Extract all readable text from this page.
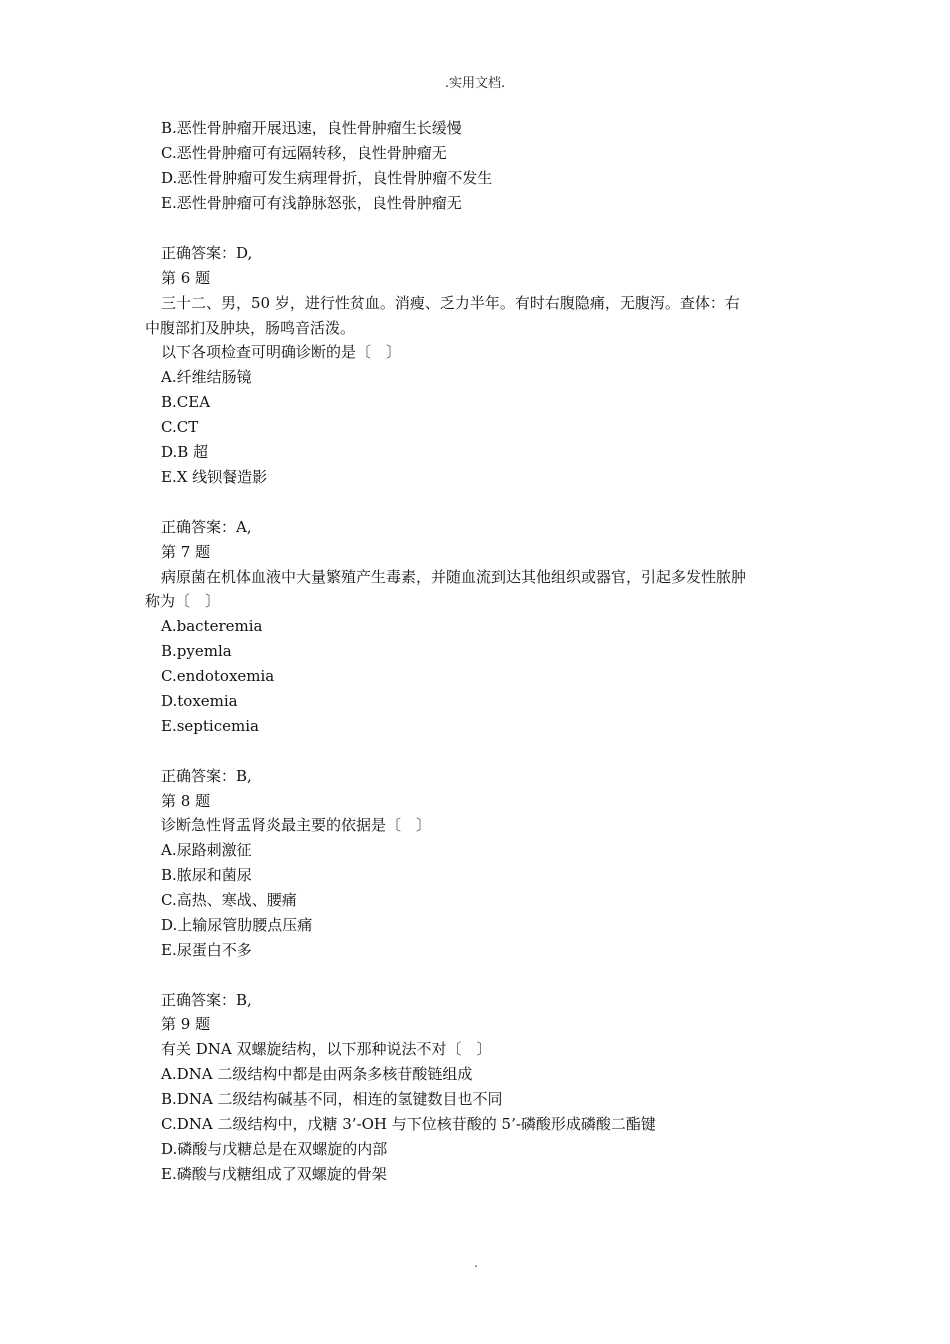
.实用文档.
B.恶性骨肿瘤开展迅速，良性骨肿瘤生长缓慢
C.恶性骨肿瘤可有远隔转移，良性骨肿瘤无
D.恶性骨肿瘤可发生病理骨折，良性骨肿瘤不发生
E.恶性骨肿瘤可有浅静脉怒张，良性骨肿瘤无
正确答案：D,
第 6 题
三十二、男，50 岁，进行性贫血。消瘦、乏力半年。有时右腹隐痛，无腹泻。查体：右
中腹部扪及肿块，肠鸣音活泼。
以下各项检查可明确诊断的是〔　〕
A.纤维结肠镜
B.CEA
C.CT
D.B 超
E.X 线钡餐造影
正确答案：A,
第 7 题
病原菌在机体血液中大量繁殖产生毒素，并随血流到达其他组织或器官，引起多发性脓肿
称为〔　〕
A.bacteremia
B.pyemla
C.endotoxemia
D.toxemia
E.septicemia
正确答案：B,
第 8 题
诊断急性肾盂肾炎最主要的依据是〔　〕
A.尿路刺激征
B.脓尿和菌尿
C.高热、寒战、腰痛
D.上输尿管肋腰点压痛
E.尿蛋白不多
正确答案：B,
第 9 题
有关 DNA 双螺旋结构，以下那种说法不对〔　〕
A.DNA 二级结构中都是由两条多核苷酸链组成
B.DNA 二级结构碱基不同，相连的氢键数目也不同
C.DNA 二级结构中，戊糖 3’-OH 与下位核苷酸的 5’-磷酸形成磷酸二酯键
D.磷酸与戊糖总是在双螺旋的内部
E.磷酸与戊糖组成了双螺旋的骨架
.
